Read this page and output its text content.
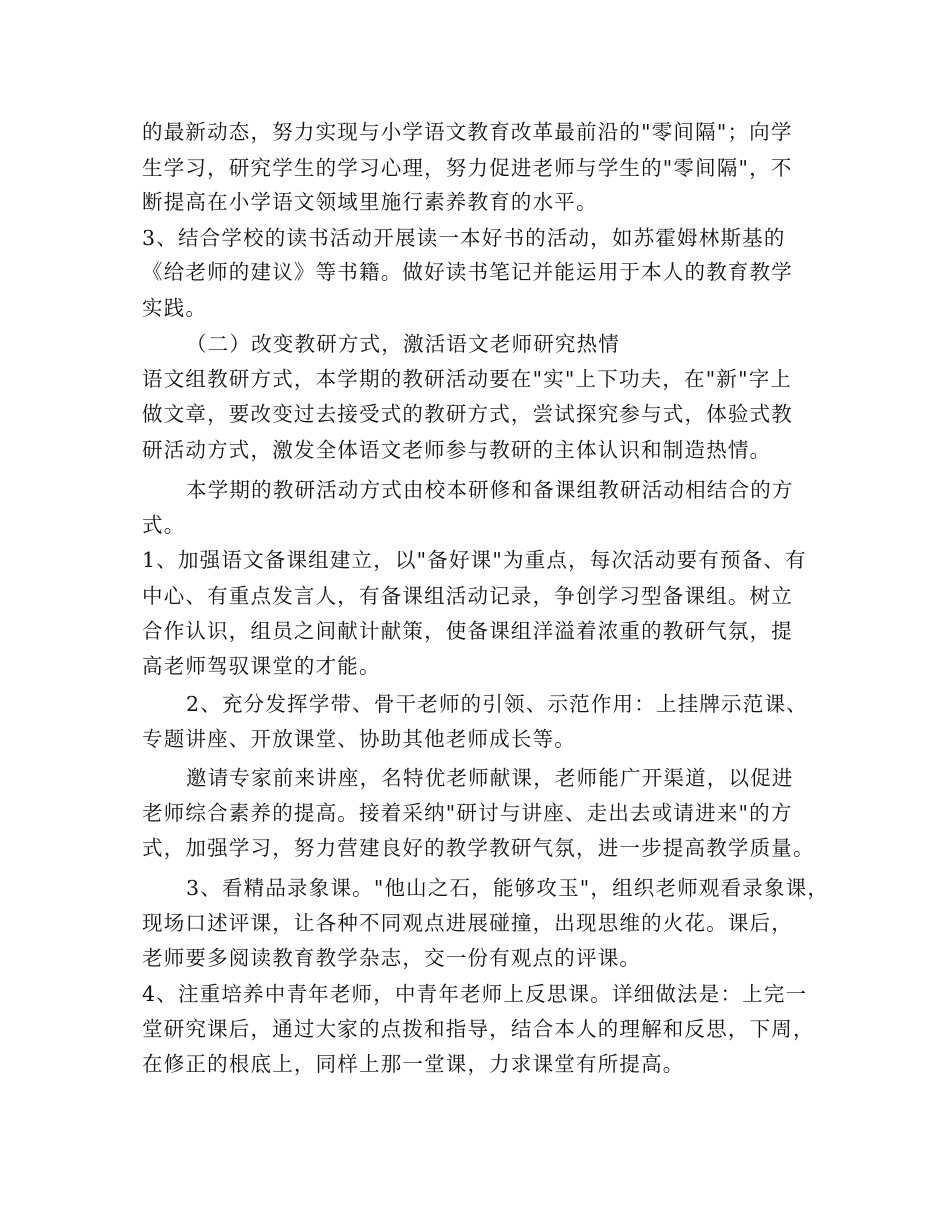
的最新动态，努力实现与小学语文教育改革最前沿的"零间隔"；向学
生学习，研究学生的学习心理，努力促进老师与学生的"零间隔"，不
断提高在小学语文领域里施行素养教育的水平。
3、结合学校的读书活动开展读一本好书的活动，如苏霍姆林斯基的
《给老师的建议》等书籍。做好读书笔记并能运用于本人的教育教学
实践。
（二）改变教研方式，激活语文老师研究热情
语文组教研方式，本学期的教研活动要在"实"上下功夫，在"新"字上
做文章，要改变过去接受式的教研方式，尝试探究参与式，体验式教
研活动方式，激发全体语文老师参与教研的主体认识和制造热情。
本学期的教研活动方式由校本研修和备课组教研活动相结合的方
式。
1、加强语文备课组建立，以"备好课"为重点，每次活动要有预备、有
中心、有重点发言人，有备课组活动记录，争创学习型备课组。树立
合作认识，组员之间献计献策，使备课组洋溢着浓重的教研气氛，提
高老师驾驭课堂的才能。
2、充分发挥学带、骨干老师的引领、示范作用：上挂牌示范课、
专题讲座、开放课堂、协助其他老师成长等。
邀请专家前来讲座，名特优老师献课，老师能广开渠道，以促进
老师综合素养的提高。接着采纳"研讨与讲座、走出去或请进来"的方
式，加强学习，努力营建良好的教学教研气氛，进一步提高教学质量。
3、看精品录象课。"他山之石，能够攻玉"，组织老师观看录象课，
现场口述评课，让各种不同观点进展碰撞，出现思维的火花。课后，
老师要多阅读教育教学杂志，交一份有观点的评课。
4、注重培养中青年老师，中青年老师上反思课。详细做法是：上完一
堂研究课后，通过大家的点拨和指导，结合本人的理解和反思，下周，
在修正的根底上，同样上那一堂课，力求课堂有所提高。
